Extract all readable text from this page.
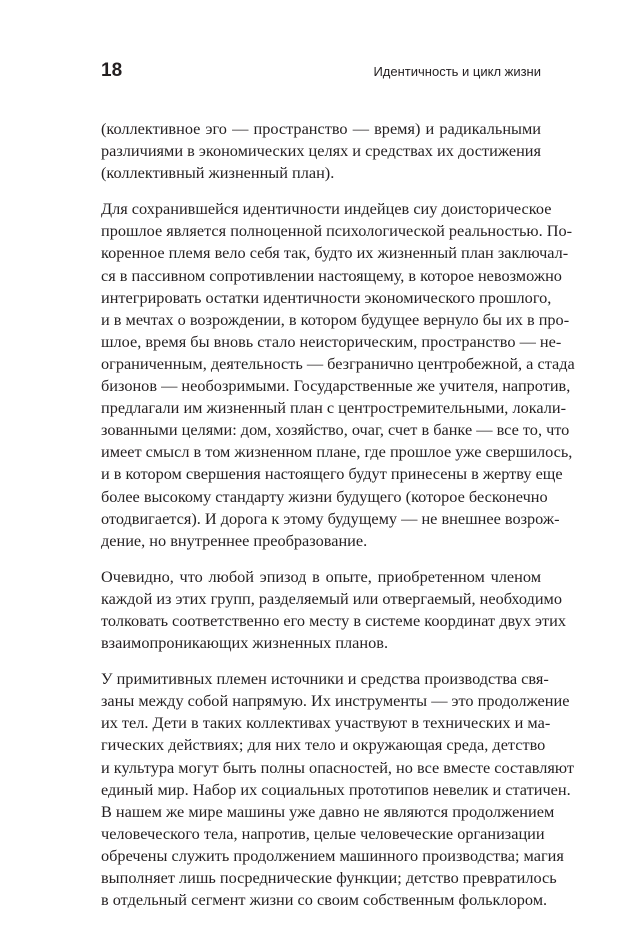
18	Идентичность и цикл жизни
(коллективное эго — пространство — время) и радикальными
различиями в экономических целях и средствах их достижения
(коллективный жизненный план).
Для сохранившейся идентичности индейцев сиу доисторическое
прошлое является полноценной психологической реальностью. По-
коренное племя вело себя так, будто их жизненный план заключал-
ся в пассивном сопротивлении настоящему, в которое невозможно
интегрировать остатки идентичности экономического прошлого,
и в мечтах о возрождении, в котором будущее вернуло бы их в про-
шлое, время бы вновь стало неисторическим, пространство — не-
ограниченным, деятельность — безгранично центробежной, а стада
бизонов — необозримыми. Государственные же учителя, напротив,
предлагали им жизненный план с центростремительными, локали-
зованными целями: дом, хозяйство, очаг, счет в банке — все то, что
имеет смысл в том жизненном плане, где прошлое уже свершилось,
и в котором свершения настоящего будут принесены в жертву еще
более высокому стандарту жизни будущего (которое бесконечно
отодвигается). И дорога к этому будущему — не внешнее возрож-
дение, но внутреннее преобразование.
Очевидно, что любой эпизод в опыте, приобретенном членом
каждой из этих групп, разделяемый или отвергаемый, необходимо
толковать соответственно его месту в системе координат двух этих
взаимопроникающих жизненных планов.
У примитивных племен источники и средства производства свя-
заны между собой напрямую. Их инструменты — это продолжение
их тел. Дети в таких коллективах участвуют в технических и ма-
гических действиях; для них тело и окружающая среда, детство
и культура могут быть полны опасностей, но все вместе составляют
единый мир. Набор их социальных прототипов невелик и статичен.
В нашем же мире машины уже давно не являются продолжением
человеческого тела, напротив, целые человеческие организации
обречены служить продолжением машинного производства; магия
выполняет лишь посреднические функции; детство превратилось
в отдельный сегмент жизни со своим собственным фольклором.
